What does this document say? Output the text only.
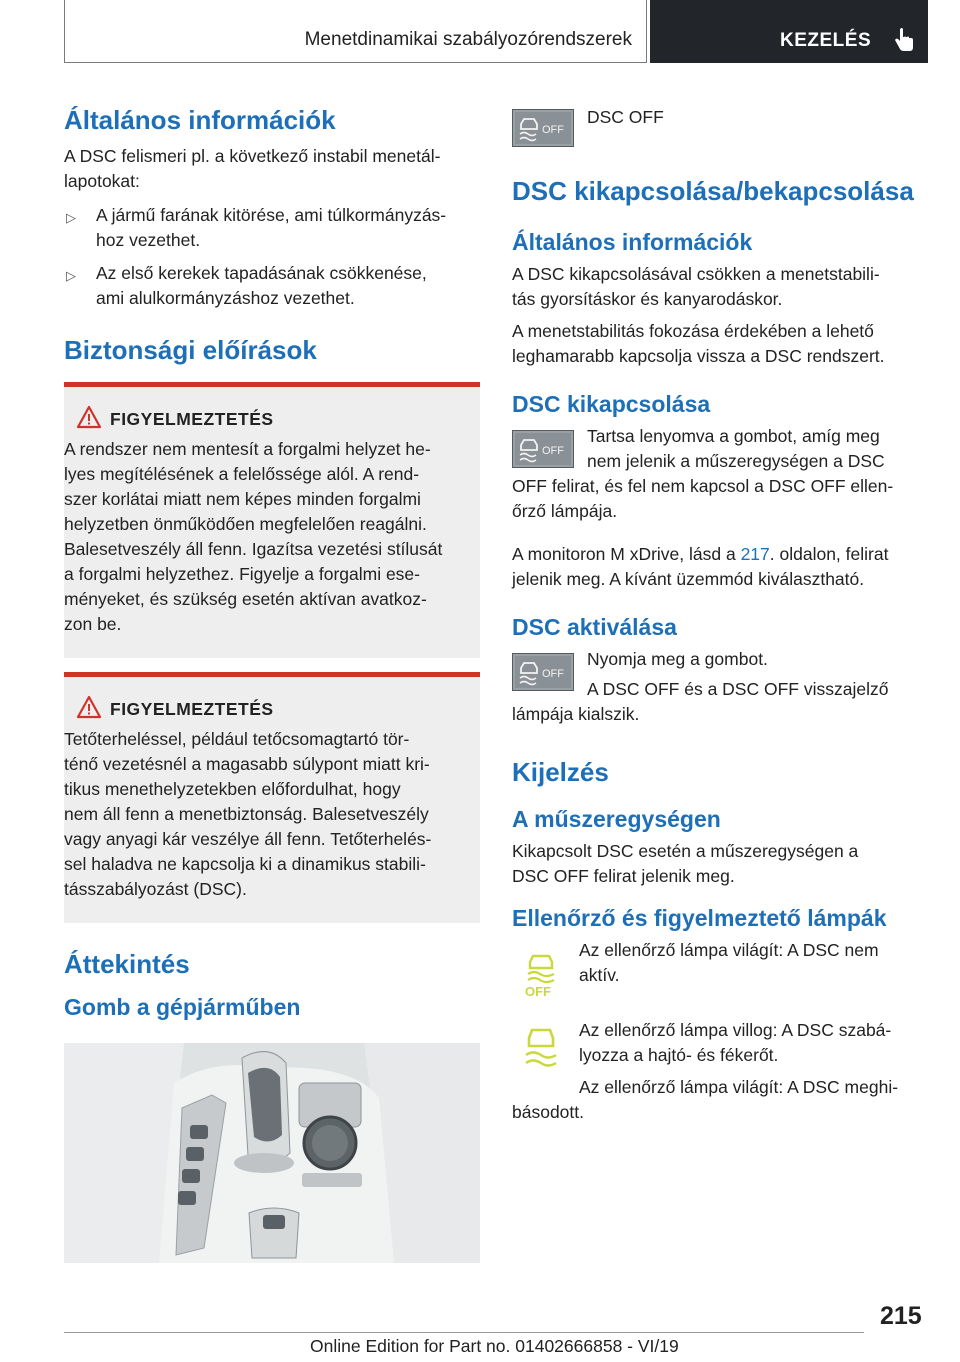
Menetdinamikai szabályozórendszerek	KEZELÉS
Általános információk

A DSC felismeri pl. a következő instabil menetál-

lapotokat:

▷ A jármű farának kitörése, ami túlkormányzás-
hoz vezethet.
▷ Az első kerekek tapadásának csökkenése,
ami alulkormányzáshoz vezethet.
Biztonsági előírások
FIGYELMEZTETÉS

A rendszer nem mentesít a forgalmi helyzet he-

lyes megítélésének a felelőssége alól. A rend-

szer korlátai miatt nem képes minden forgalmi

helyzetben önműködően megfelelően reagálni.

Balesetveszély áll fenn. Igazítsa vezetési stílusát

a forgalmi helyzethez. Figyelje a forgalmi ese-

ményeket, és szükség esetén aktívan avatkoz-

zon be.

FIGYELMEZTETÉS

Tetőterheléssel, például tetőcsomagtartó tör-

ténő vezetésnél a magasabb súlypont miatt kri-

tikus menethelyzetekben előfordulhat, hogy

nem áll fenn a menetbiztonság. Balesetveszély

vagy anyagi kár veszélye áll fenn. Tetőterhelés-

sel haladva ne kapcsolja ki a dinamikus stabili-

tásszabályozást (DSC).

Áttekintés
Gomb a gépjárműben
OFF

DSC OFF

DSC kikapcsolása/bekapcsolása
Általános információk

A DSC kikapcsolásával csökken a menetstabili-

tás gyorsításkor és kanyarodáskor.

A menetstabilitás fokozása érdekében a lehető

leghamarabb kapcsolja vissza a DSC rendszert.

DSC kikapcsolása
OFF

Tartsa lenyomva a gombot, amíg meg

nem jelenik a műszeregységen a DSC

OFF felirat, és fel nem kapcsol a DSC OFF ellen-

őrző lámpája.

A monitoron M xDrive, lásd a 217. oldalon, felirat

jelenik meg. A kívánt üzemmód kiválasztható.

DSC aktiválása
OFF

Nyomja meg a gombot.

A DSC OFF és a DSC OFF visszajelző

lámpája kialszik.

Kijelzés
A műszeregységen

Kikapcsolt DSC esetén a műszeregységen a

DSC OFF felirat jelenik meg.

Ellenőrző és figyelmeztető lámpák
OFF

Az ellenőrző lámpa világít: A DSC nem

aktív.

Az ellenőrző lámpa villog: A DSC szabá-

lyozza a hajtó- és fékerőt.

Az ellenőrző lámpa világít: A DSC meghi-

básodott.

215
Online Edition for Part no. 01402666858 - VI/19
